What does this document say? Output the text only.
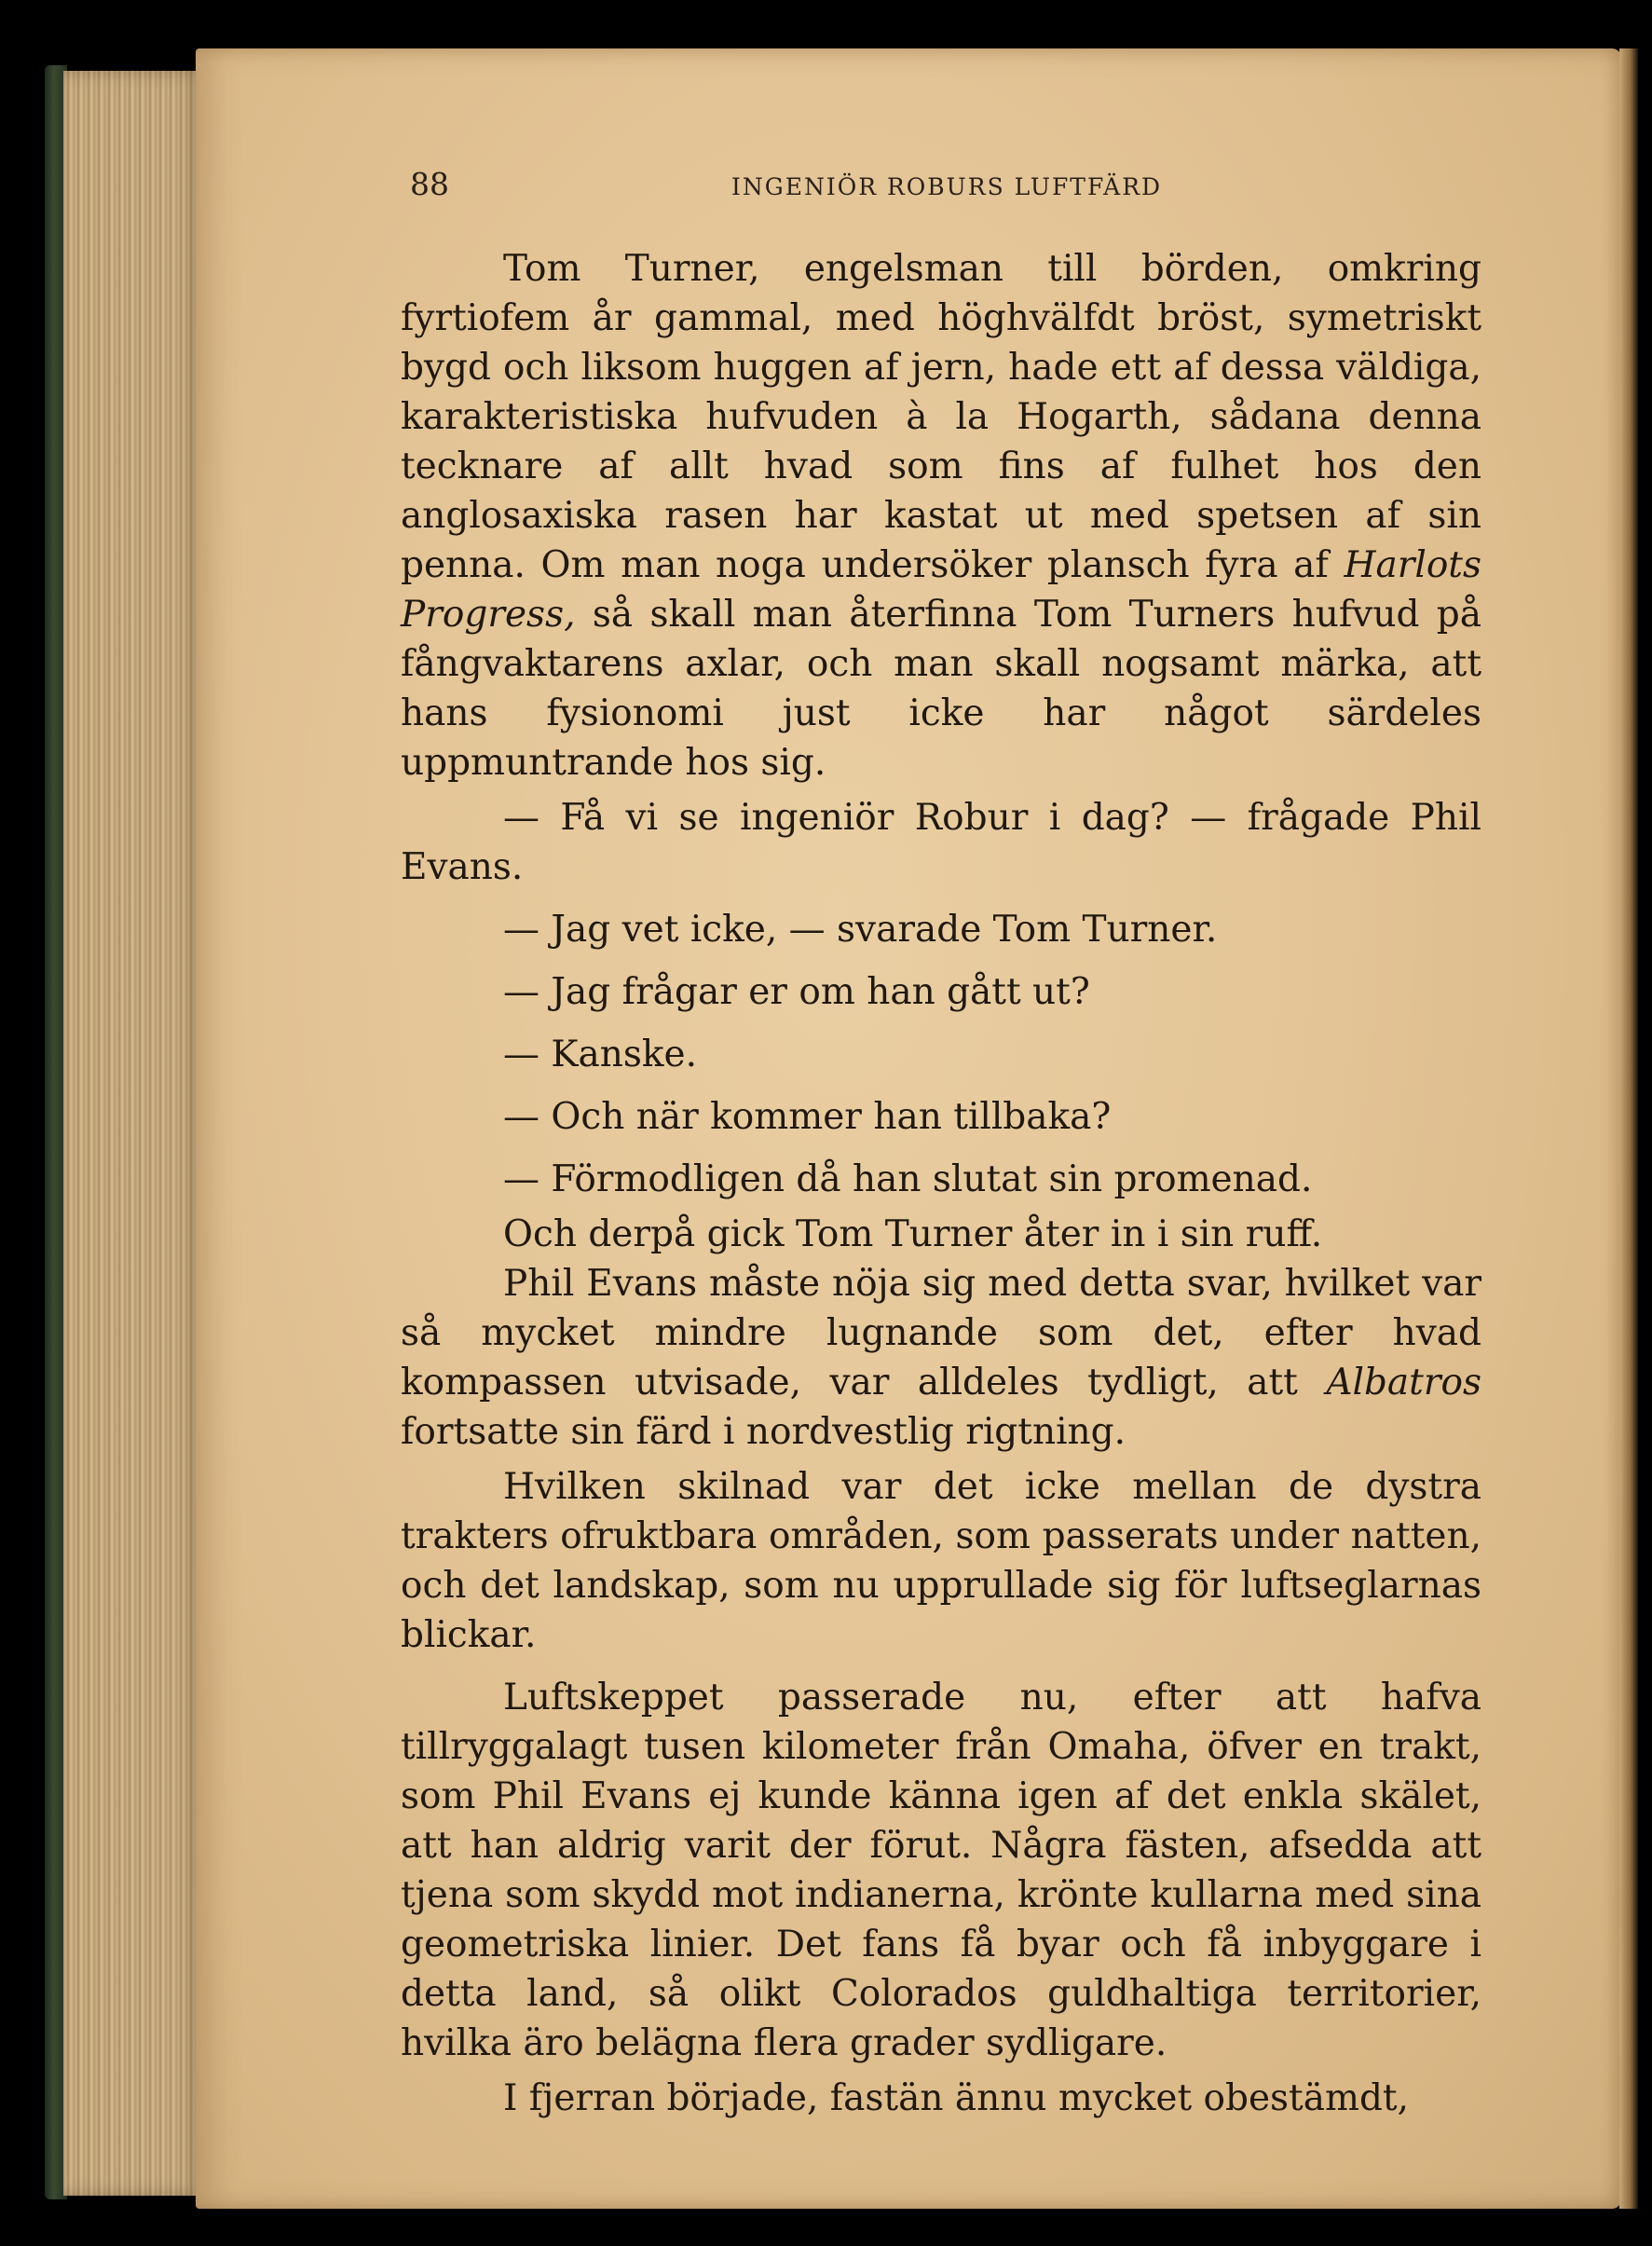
88	INGENIÖR ROBURS LUFTFÄRD

Tom Turner, engelsman till börden, omkring fyrtiofem år gammal, med höghvälfdt bröst, symetriskt bygd och liksom huggen af jern, hade ett af dessa väldiga, karakteristiska hufvuden à la Hogarth, sådana denna tecknare af allt hvad som fins af fulhet hos den anglosaxiska rasen har kastat ut med spetsen af sin penna. Om man noga undersöker plansch fyra af Harlots Progress, så skall man återfinna Tom Turners hufvud på fångvaktarens axlar, och man skall nogsamt märka, att hans fysionomi just icke har något särdeles uppmuntrande hos sig.

— Få vi se ingeniör Robur i dag? — frågade Phil Evans.

— Jag vet icke, — svarade Tom Turner.

— Jag frågar er om han gått ut?

— Kanske.

— Och när kommer han tillbaka?

— Förmodligen då han slutat sin promenad.

Och derpå gick Tom Turner åter in i sin ruff.

Phil Evans måste nöja sig med detta svar, hvilket var så mycket mindre lugnande som det, efter hvad kompassen utvisade, var alldeles tydligt, att Albatros fortsatte sin färd i nordvestlig rigtning.

Hvilken skilnad var det icke mellan de dystra trakters ofruktbara områden, som passerats under natten, och det landskap, som nu upprullade sig för luftseglarnas blickar.

Luftskeppet passerade nu, efter att hafva tillryggalagt tusen kilometer från Omaha, öfver en trakt, som Phil Evans ej kunde känna igen af det enkla skälet, att han aldrig varit der förut. Några fästen, afsedda att tjena som skydd mot indianerna, krönte kullarna med sina geometriska linier. Det fans få byar och få inbyggare i detta land, så olikt Colorados guldhaltiga territorier, hvilka äro belägna flera grader sydligare.

I fjerran började, fastän ännu mycket obestämdt,
